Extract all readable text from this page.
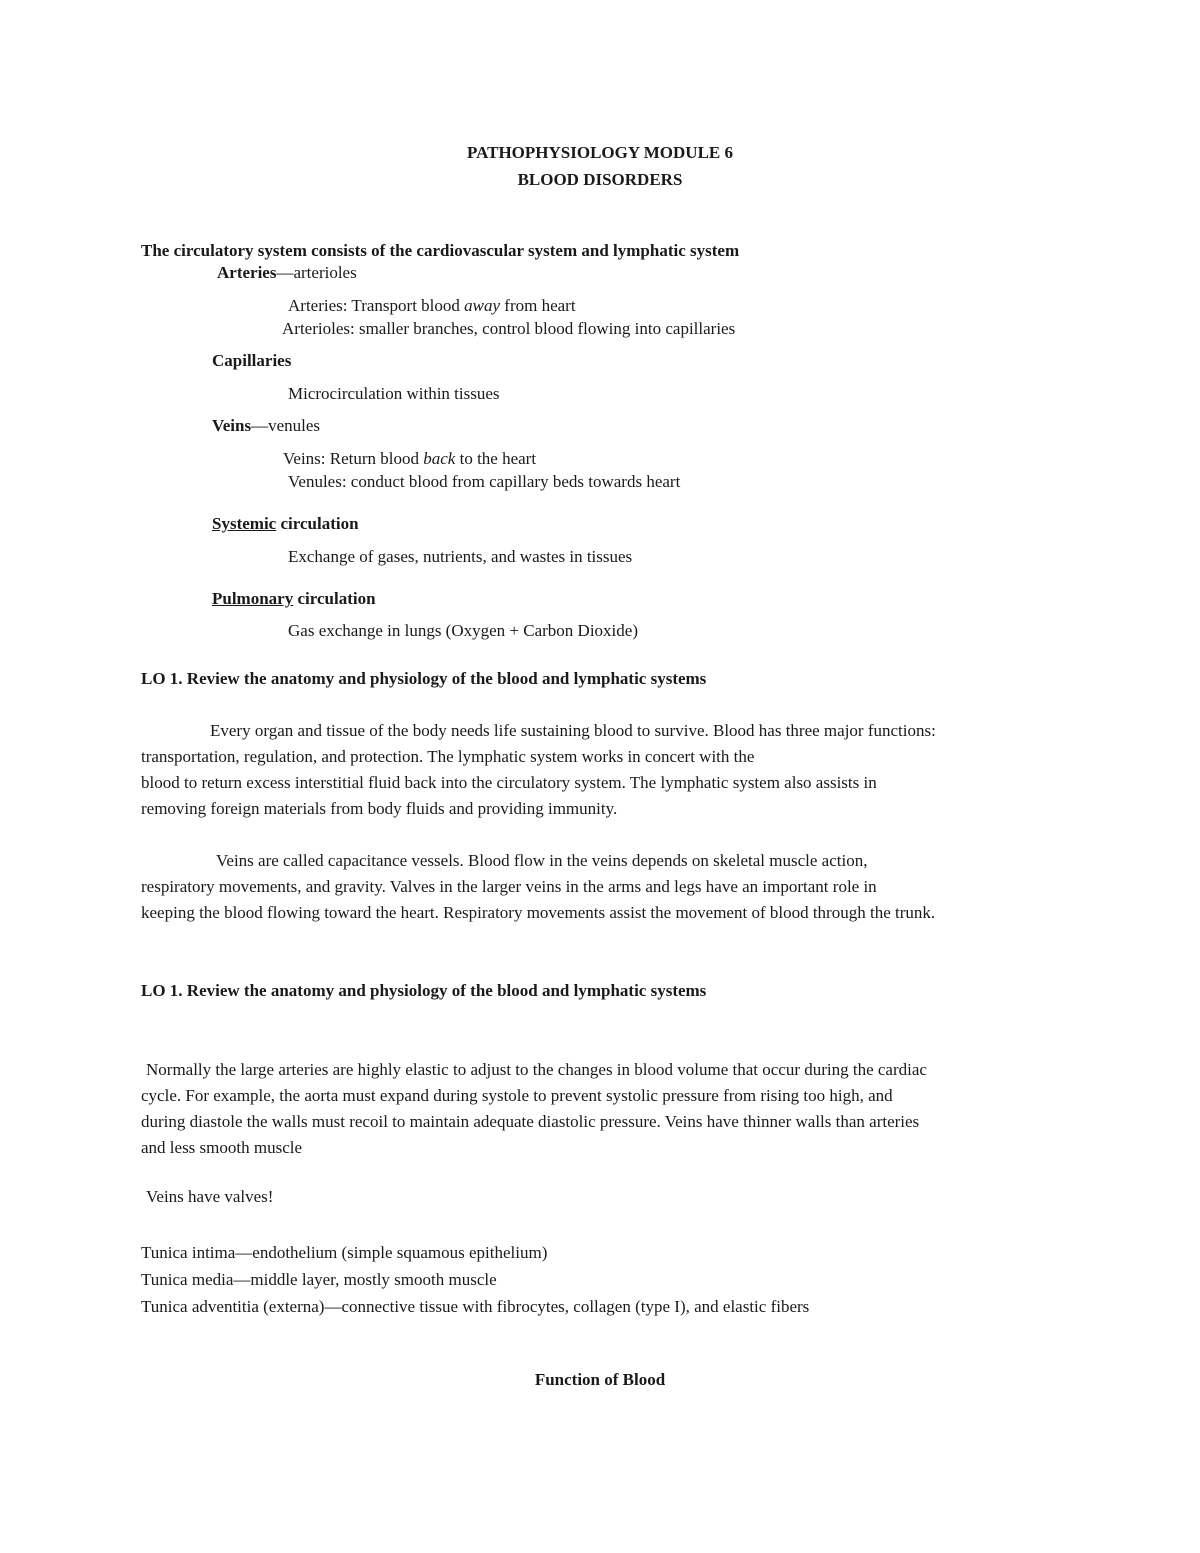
PATHOPHYSIOLOGY MODULE 6
BLOOD DISORDERS
The circulatory system consists of the cardiovascular system and lymphatic system
Arteries—arterioles
Arteries: Transport blood away from heart
Arterioles: smaller branches, control blood flowing into capillaries
Capillaries
Microcirculation within tissues
Veins—venules
Veins: Return blood back to the heart
Venules: conduct blood from capillary beds towards heart
Systemic circulation
Exchange of gases, nutrients, and wastes in tissues
Pulmonary circulation
Gas exchange in lungs (Oxygen + Carbon Dioxide)
LO 1. Review the anatomy and physiology of the blood and lymphatic systems
Every organ and tissue of the body needs life sustaining blood to survive. Blood has three major functions:
transportation, regulation, and protection. The lymphatic system works in concert with the
blood to return excess interstitial fluid back into the circulatory system. The lymphatic system also assists in
removing foreign materials from body fluids and providing immunity.
Veins are called capacitance vessels. Blood flow in the veins depends on skeletal muscle action,
respiratory movements, and gravity. Valves in the larger veins in the arms and legs have an important role in
keeping the blood flowing toward the heart. Respiratory movements assist the movement of blood through the trunk.
LO 1. Review the anatomy and physiology of the blood and lymphatic systems
Normally the large arteries are highly elastic to adjust to the changes in blood volume that occur during the cardiac
cycle. For example, the aorta must expand during systole to prevent systolic pressure from rising too high, and
during diastole the walls must recoil to maintain adequate diastolic pressure. Veins have thinner walls than arteries
and less smooth muscle
Veins have valves!
Tunica intima—endothelium (simple squamous epithelium)
Tunica media—middle layer, mostly smooth muscle
Tunica adventitia (externa)—connective tissue with fibrocytes, collagen (type I), and elastic fibers
Function of Blood
